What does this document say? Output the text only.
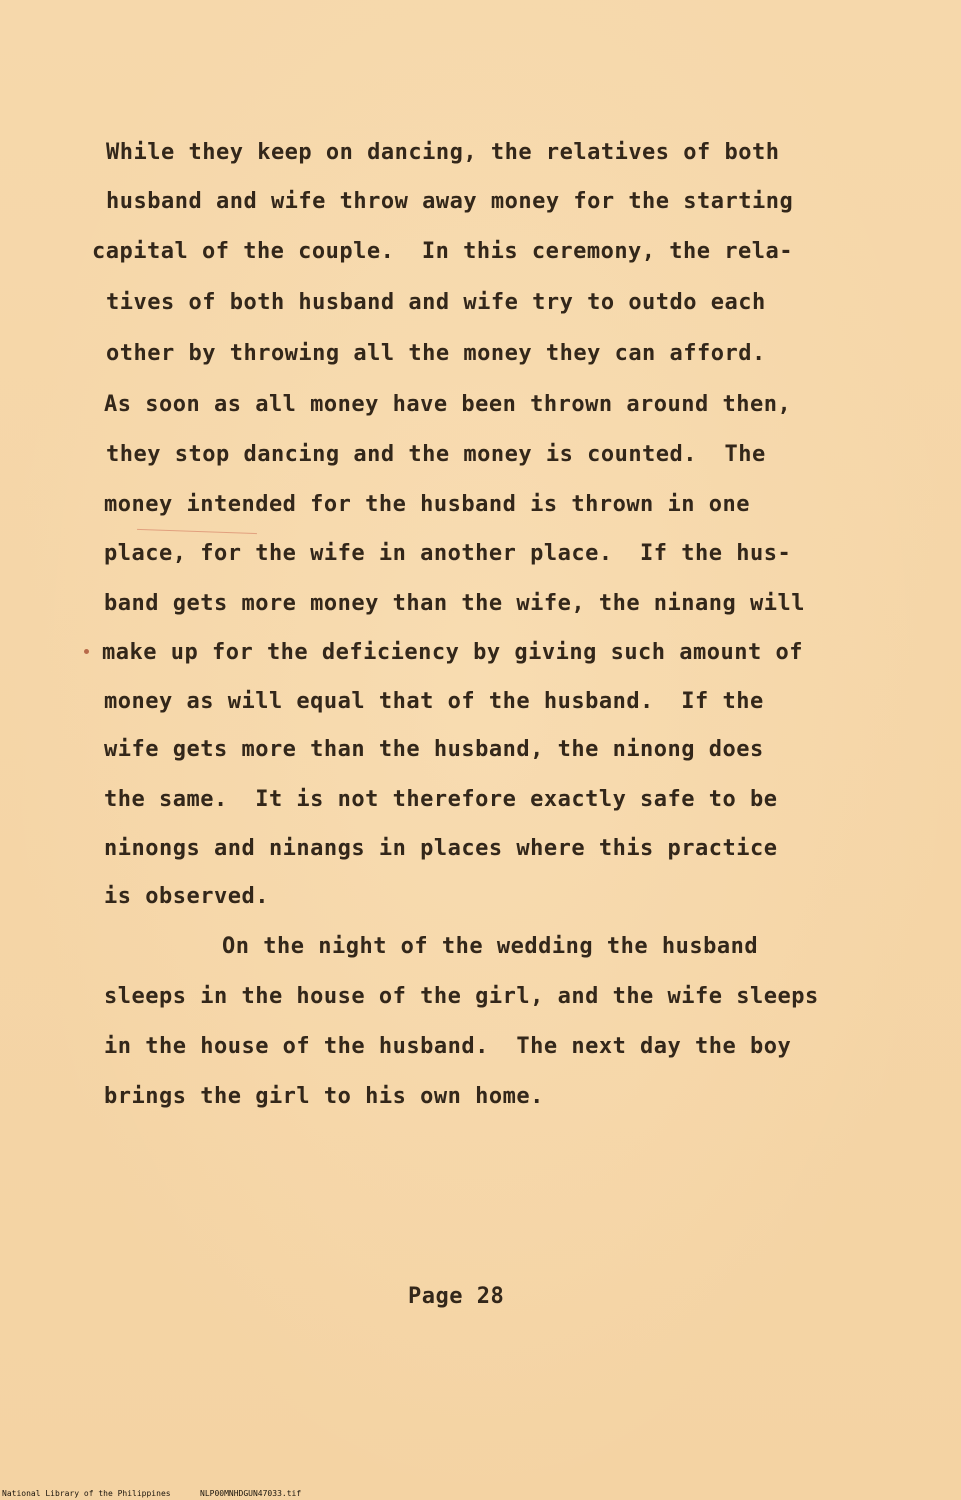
While they keep on dancing, the relatives of both
husband and wife throw away money for the starting
capital of the couple.  In this ceremony, the rela-
tives of both husband and wife try to outdo each
other by throwing all the money they can afford.
As soon as all money have been thrown around then,
they stop dancing and the money is counted.  The
money intended for the husband is thrown in one
place, for the wife in another place.  If the hus-
band gets more money than the wife, the ninang will
make up for the deficiency by giving such amount of
money as will equal that of the husband.  If the
wife gets more than the husband, the ninong does
the same.  It is not therefore exactly safe to be
ninongs and ninangs in places where this practice
is observed.
On the night of the wedding the husband
sleeps in the house of the girl, and the wife sleeps
in the house of the husband.  The next day the boy
brings the girl to his own home.
Page 28
National Library of the Philippines	NLP00MNHDGUN47033.tif
